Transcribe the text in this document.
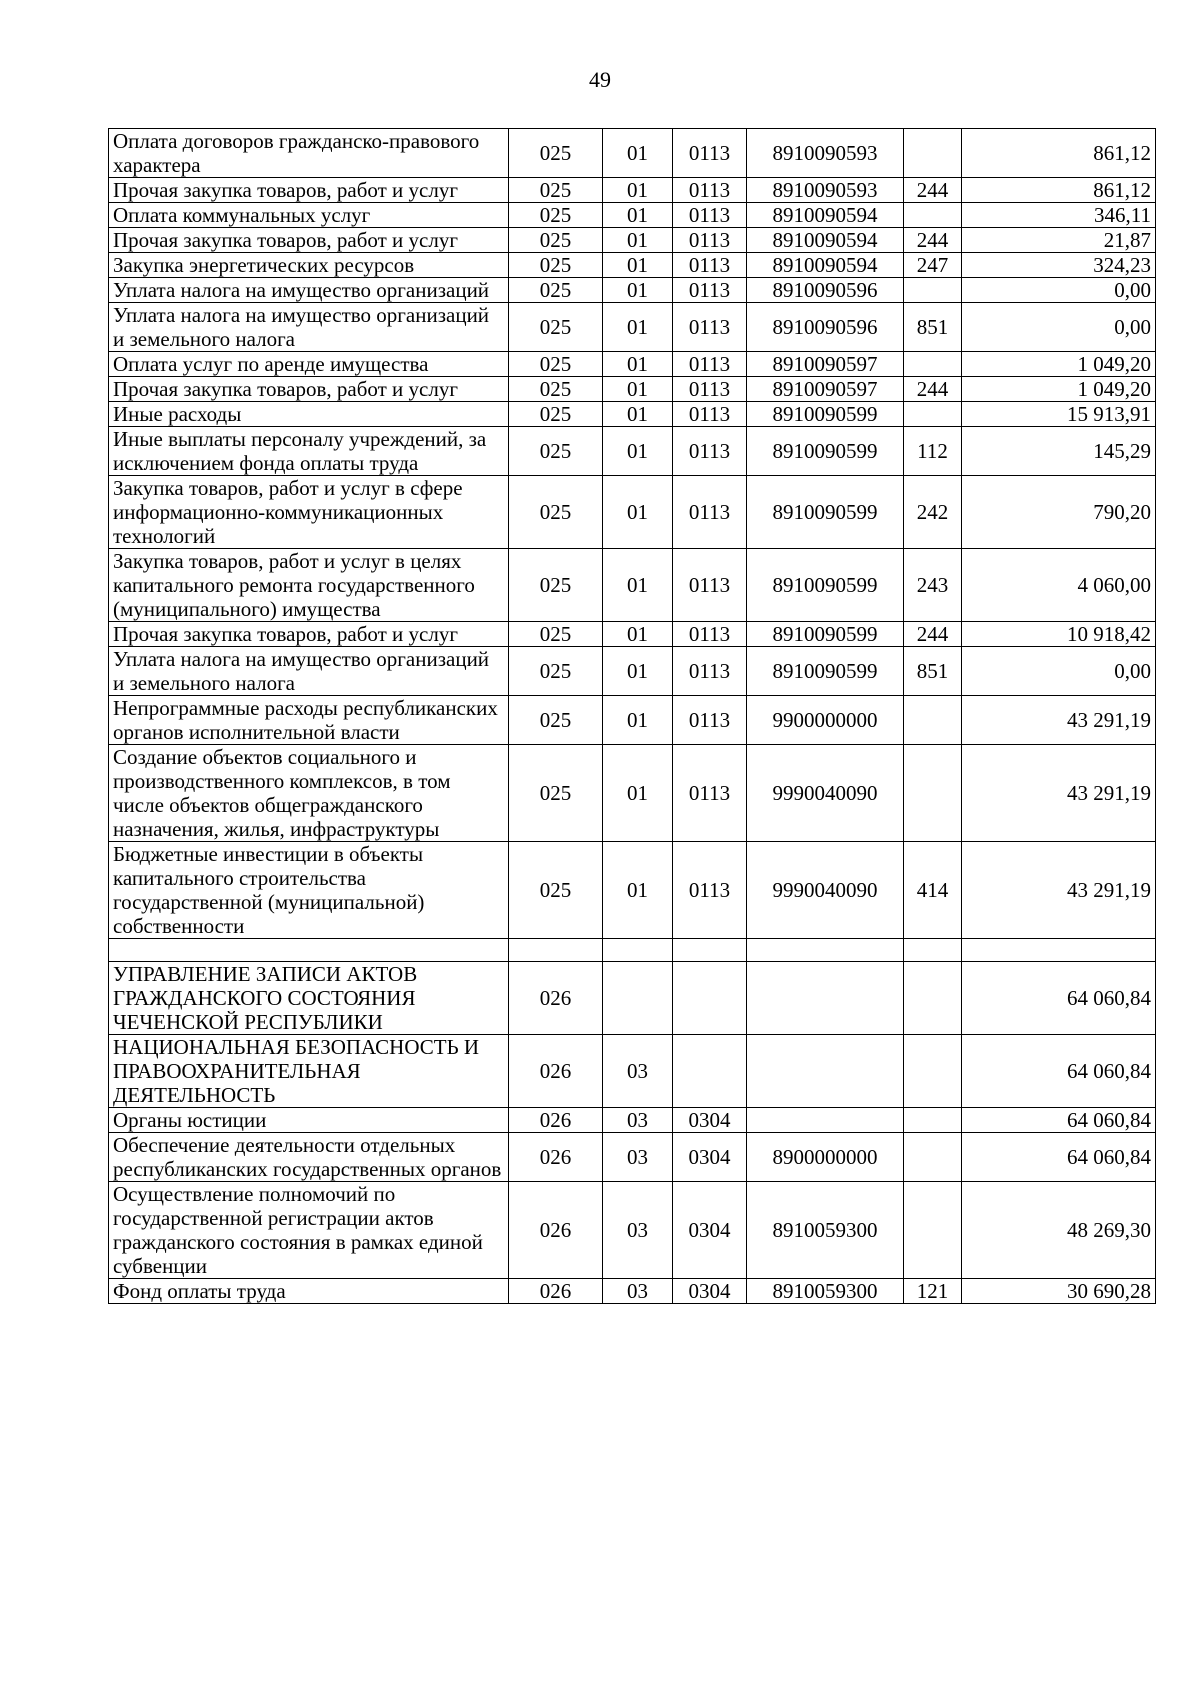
49
Оплата договоров гражданско-правового характера	025	01	0113	8910090593		861,12
Прочая закупка товаров, работ и услуг	025	01	0113	8910090593	244	861,12
Оплата коммунальных услуг	025	01	0113	8910090594		346,11
Прочая закупка товаров, работ и услуг	025	01	0113	8910090594	244	21,87
Закупка энергетических ресурсов	025	01	0113	8910090594	247	324,23
Уплата налога на имущество организаций	025	01	0113	8910090596		0,00
Уплата налога на имущество организаций и земельного налога	025	01	0113	8910090596	851	0,00
Оплата услуг по аренде имущества	025	01	0113	8910090597		1 049,20
Прочая закупка товаров, работ и услуг	025	01	0113	8910090597	244	1 049,20
Иные расходы	025	01	0113	8910090599		15 913,91
Иные выплаты персоналу учреждений, за исключением фонда оплаты труда	025	01	0113	8910090599	112	145,29
Закупка товаров, работ и услуг в сфере информационно-коммуникационных технологий	025	01	0113	8910090599	242	790,20
Закупка товаров, работ и услуг в целях капитального ремонта государственного (муниципального) имущества	025	01	0113	8910090599	243	4 060,00
Прочая закупка товаров, работ и услуг	025	01	0113	8910090599	244	10 918,42
Уплата налога на имущество организаций и земельного налога	025	01	0113	8910090599	851	0,00
Непрограммные расходы республиканских органов исполнительной власти	025	01	0113	9900000000		43 291,19
Создание объектов социального и производственного комплексов, в том числе объектов общегражданского назначения, жилья, инфраструктуры	025	01	0113	9990040090		43 291,19
Бюджетные инвестиции в объекты капитального строительства государственной (муниципальной) собственности	025	01	0113	9990040090	414	43 291,19

УПРАВЛЕНИЕ ЗАПИСИ АКТОВ ГРАЖДАНСКОГО СОСТОЯНИЯ ЧЕЧЕНСКОЙ РЕСПУБЛИКИ	026					64 060,84
НАЦИОНАЛЬНАЯ БЕЗОПАСНОСТЬ И ПРАВООХРАНИТЕЛЬНАЯ ДЕЯТЕЛЬНОСТЬ	026	03				64 060,84
Органы юстиции	026	03	0304			64 060,84
Обеспечение деятельности отдельных республиканских государственных органов	026	03	0304	8900000000		64 060,84
Осуществление полномочий по государственной регистрации актов гражданского состояния в рамках единой субвенции	026	03	0304	8910059300		48 269,30
Фонд оплаты труда	026	03	0304	8910059300	121	30 690,28
